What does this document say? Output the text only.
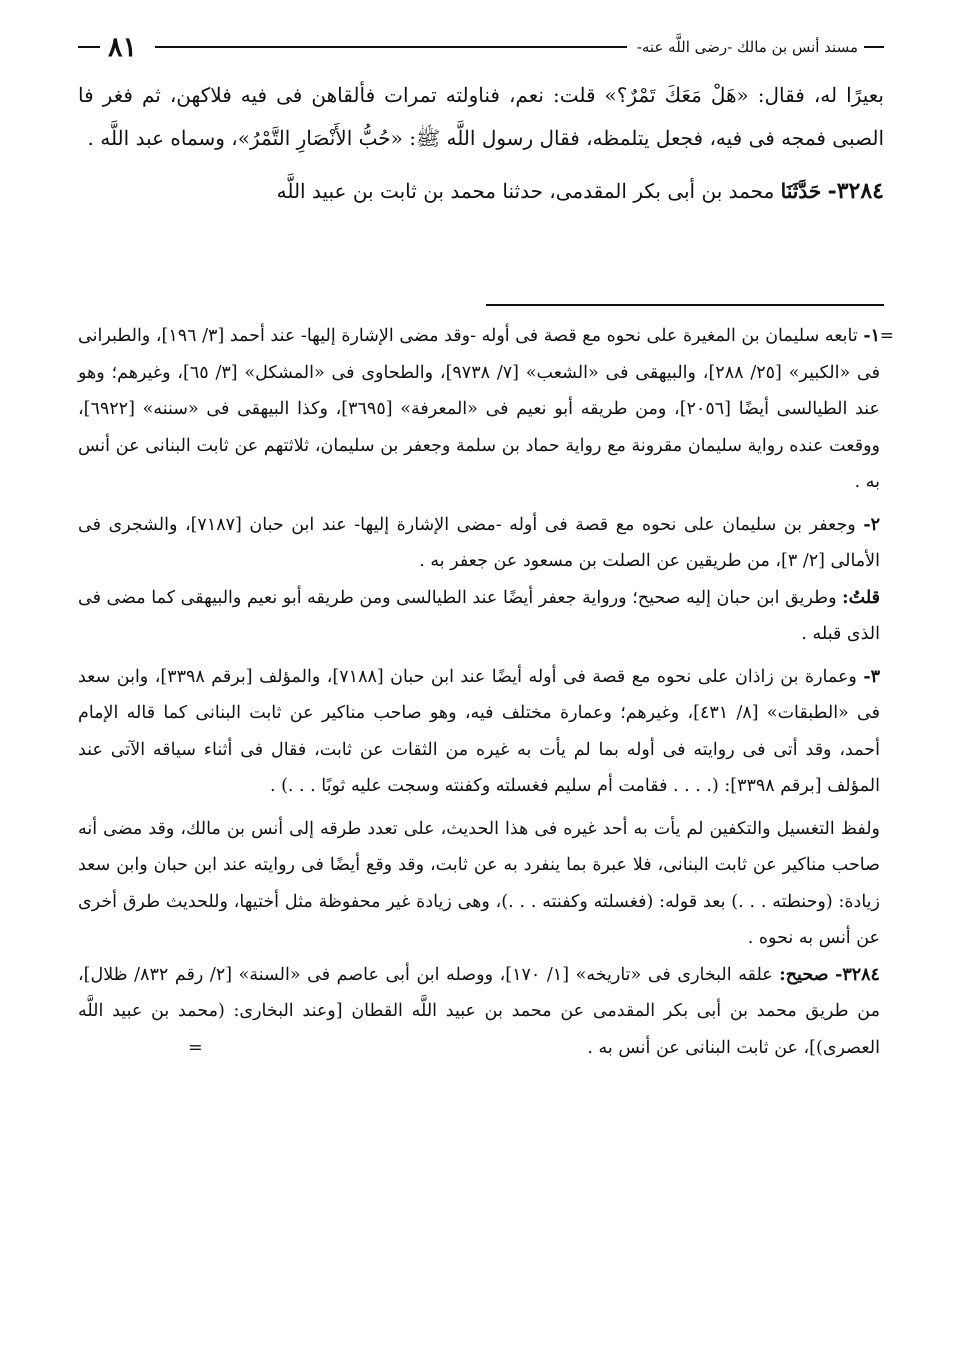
٨١	مسند أنس بن مالك -رضى اللَّه عنه-

بعيرًا له، فقال: «هَلْ مَعَكَ تَمْرٌ؟» قلت: نعم، فناولته تمرات فألقاهن فى فيه فلاكهن، ثم فغر فا الصبى فمجه فى فيه، فجعل يتلمظه، فقال رسول اللَّه ﷺ: «حُبُّ الأَنْصَارِ التَّمْرُ»، وسماه عبد اللَّه .

٣٢٨٤- حَدَّثَنَا محمد بن أبى بكر المقدمى، حدثنا محمد بن ثابت بن عبيد اللَّه

=

١- تابعه سليمان بن المغيرة على نحوه مع قصة فى أوله -وقد مضى الإشارة إليها- عند أحمد [٣/ ١٩٦]، والطبرانى فى «الكبير» [٢٥/ ٢٨٨]، والبيهقى فى «الشعب» [٧/ ٩٧٣٨]، والطحاوى فى «المشكل» [٣/ ٦٥]، وغيرهم؛ وهو عند الطيالسى أيضًا [٢٠٥٦]، ومن طريقه أبو نعيم فى «المعرفة» [٣٦٩٥]، وكذا البيهقى فى «سننه» [٦٩٢٢]، ووقعت عنده رواية سليمان مقرونة مع رواية حماد بن سلمة وجعفر بن سليمان، ثلاثتهم عن ثابت البنانى عن أنس به .

٢- وجعفر بن سليمان على نحوه مع قصة فى أوله -مضى الإشارة إليها- عند ابن حبان [٧١٨٧]، والشجرى فى الأمالى [٢/ ٣]، من طريقين عن الصلت بن مسعود عن جعفر به .

قلتُ: وطريق ابن حبان إليه صحيح؛ ورواية جعفر أيضًا عند الطيالسى ومن طريقه أبو نعيم والبيهقى كما مضى فى الذى قبله .

٣- وعمارة بن زاذان على نحوه مع قصة فى أوله أيضًا عند ابن حبان [٧١٨٨]، والمؤلف [برقم ٣٣٩٨]، وابن سعد فى «الطبقات» [٨/ ٤٣١]، وغيرهم؛ وعمارة مختلف فيه، وهو صاحب مناكير عن ثابت البنانى كما قاله الإمام أحمد، وقد أتى فى روايته فى أوله بما لم يأت به غيره من الثقات عن ثابت، فقال فى أثناء سياقه الآتى عند المؤلف [برقم ٣٣٩٨]: (. . . . فقامت أم سليم فغسلته وكفنته وسجت عليه ثوبًا . . .) .

ولفظ التغسيل والتكفين لم يأت به أحد غيره فى هذا الحديث، على تعدد طرقه إلى أنس بن مالك، وقد مضى أنه صاحب مناكير عن ثابت البنانى، فلا عبرة بما ينفرد به عن ثابت، وقد وقع أيضًا فى روايته عند ابن حبان وابن سعد زيادة: (وحنطته . . .) بعد قوله: (فغسلته وكفنته . . .)، وهى زيادة غير محفوظة مثل أختيها، وللحديث طرق أخرى عن أنس به نحوه .

٣٢٨٤- صحيح: علقه البخارى فى «تاريخه» [١/ ١٧٠]، ووصله ابن أبى عاصم فى «السنة» [٢/ رقم ٨٣٢/ ظلال]، من طريق محمد بن أبى بكر المقدمى عن محمد بن عبيد اللَّه القطان [وعند البخارى: (محمد بن عبيد اللَّه العصرى)]، عن ثابت البنانى عن أنس به .
=
